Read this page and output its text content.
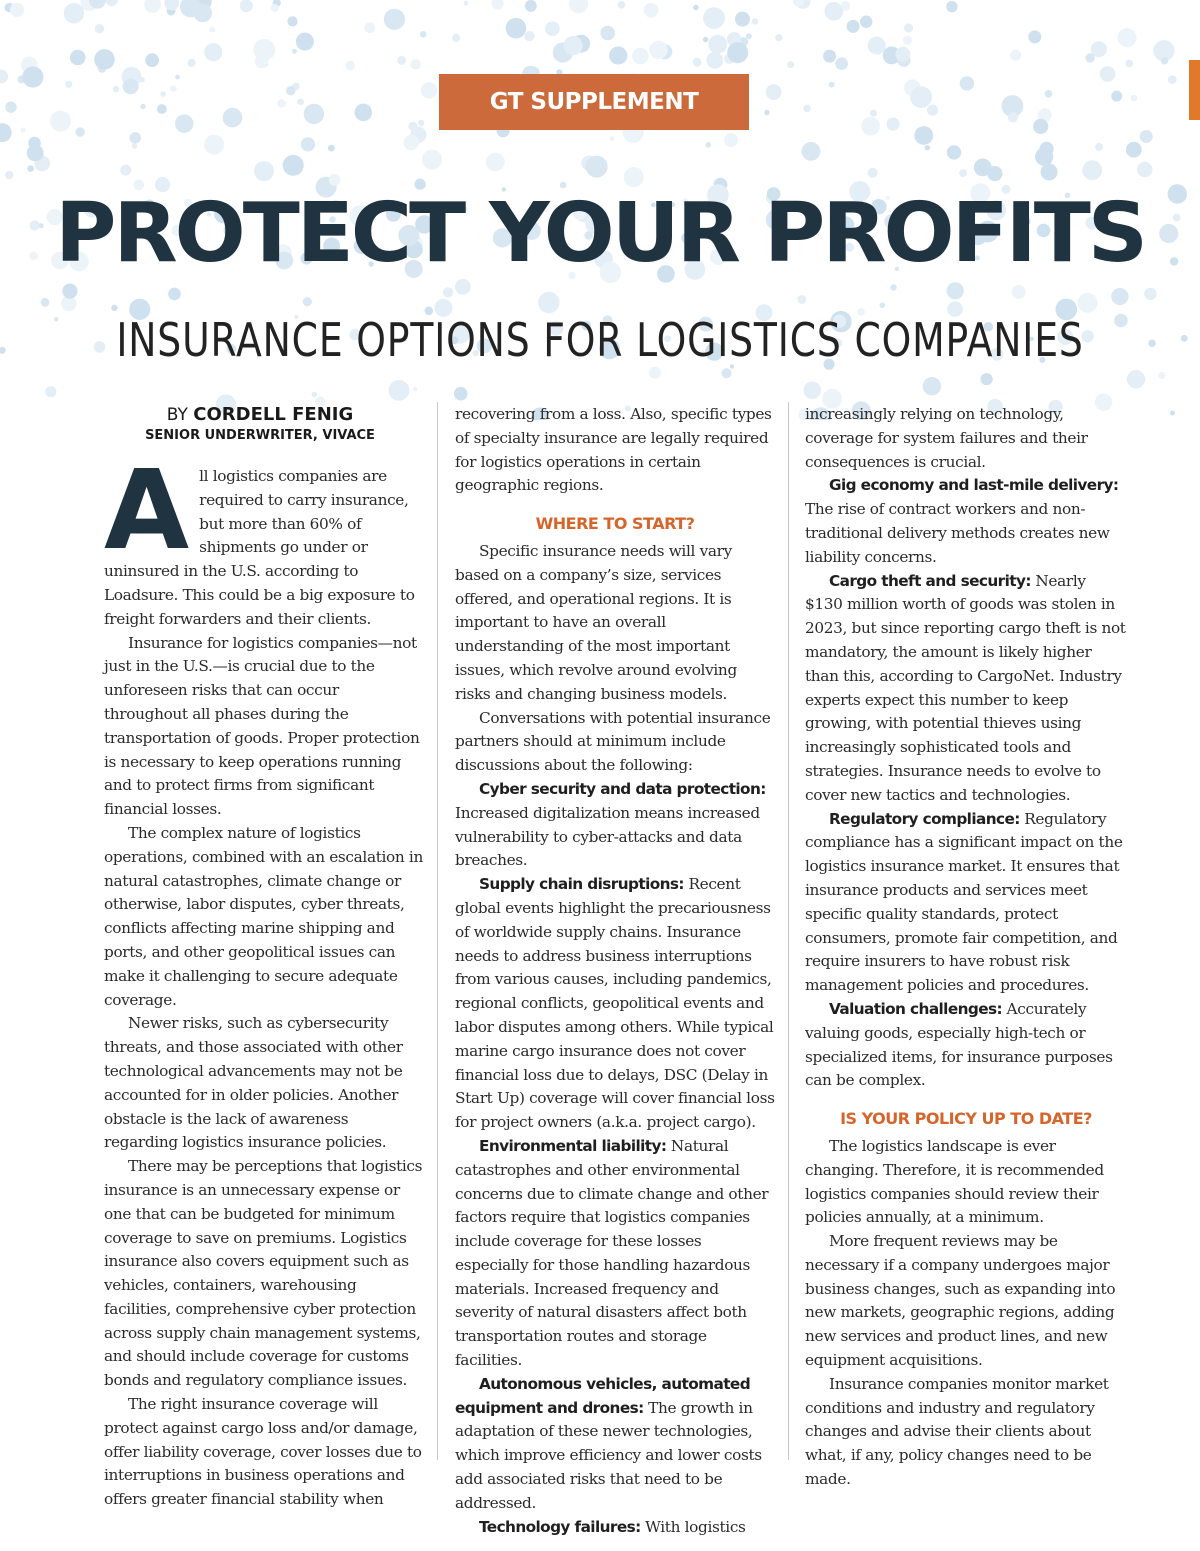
GT SUPPLEMENT
PROTECT YOUR PROFITS
INSURANCE OPTIONS FOR LOGISTICS COMPANIES
BY CORDELL FENIG
SENIOR UNDERWRITER, VIVACE

All logistics companies are required to carry insurance, but more than 60% of shipments go under or uninsured in the U.S. according to Loadsure. This could be a big exposure to freight forwarders and their clients.

Insurance for logistics companies—not just in the U.S.—is crucial due to the unforeseen risks that can occur throughout all phases during the transportation of goods. Proper protection is necessary to keep operations running and to protect firms from significant financial losses.

The complex nature of logistics operations, combined with an escalation in natural catastrophes, climate change or otherwise, labor disputes, cyber threats, conflicts affecting marine shipping and ports, and other geopolitical issues can make it challenging to secure adequate coverage.

Newer risks, such as cybersecurity threats, and those associated with other technological advancements may not be accounted for in older policies. Another obstacle is the lack of awareness regarding logistics insurance policies.

There may be perceptions that logistics insurance is an unnecessary expense or one that can be budgeted for minimum coverage to save on premiums. Logistics insurance also covers equipment such as vehicles, containers, warehousing facilities, comprehensive cyber protection across supply chain management systems, and should include coverage for customs bonds and regulatory compliance issues.

The right insurance coverage will protect against cargo loss and/or damage, offer liability coverage, cover losses due to interruptions in business operations and offers greater financial stability when

recovering from a loss. Also, specific types of specialty insurance are legally required for logistics operations in certain geographic regions.

WHERE TO START?

Specific insurance needs will vary based on a company’s size, services offered, and operational regions. It is important to have an overall understanding of the most important issues, which revolve around evolving risks and changing business models.

Conversations with potential insurance partners should at minimum include discussions about the following:

Cyber security and data protection: Increased digitalization means increased vulnerability to cyber-attacks and data breaches.

Supply chain disruptions: Recent global events highlight the precariousness of worldwide supply chains. Insurance needs to address business interruptions from various causes, including pandemics, regional conflicts, geopolitical events and labor disputes among others. While typical marine cargo insurance does not cover financial loss due to delays, DSC (Delay in Start Up) coverage will cover financial loss for project owners (a.k.a. project cargo).

Environmental liability: Natural catastrophes and other environmental concerns due to climate change and other factors require that logistics companies include coverage for these losses especially for those handling hazardous materials. Increased frequency and severity of natural disasters affect both transportation routes and storage facilities.

Autonomous vehicles, automated equipment and drones: The growth in adaptation of these newer technologies, which improve efficiency and lower costs add associated risks that need to be addressed.

Technology failures: With logistics

increasingly relying on technology, coverage for system failures and their consequences is crucial.

Gig economy and last-mile delivery: The rise of contract workers and non-traditional delivery methods creates new liability concerns.

Cargo theft and security: Nearly $130 million worth of goods was stolen in 2023, but since reporting cargo theft is not mandatory, the amount is likely higher than this, according to CargoNet. Industry experts expect this number to keep growing, with potential thieves using increasingly sophisticated tools and strategies. Insurance needs to evolve to cover new tactics and technologies.

Regulatory compliance: Regulatory compliance has a significant impact on the logistics insurance market. It ensures that insurance products and services meet specific quality standards, protect consumers, promote fair competition, and require insurers to have robust risk management policies and procedures.

Valuation challenges: Accurately valuing goods, especially high-tech or specialized items, for insurance purposes can be complex.

IS YOUR POLICY UP TO DATE?

The logistics landscape is ever changing. Therefore, it is recommended logistics companies should review their policies annually, at a minimum.

More frequent reviews may be necessary if a company undergoes major business changes, such as expanding into new markets, geographic regions, adding new services and product lines, and new equipment acquisitions.

Insurance companies monitor market conditions and industry and regulatory changes and advise their clients about what, if any, policy changes need to be made.
